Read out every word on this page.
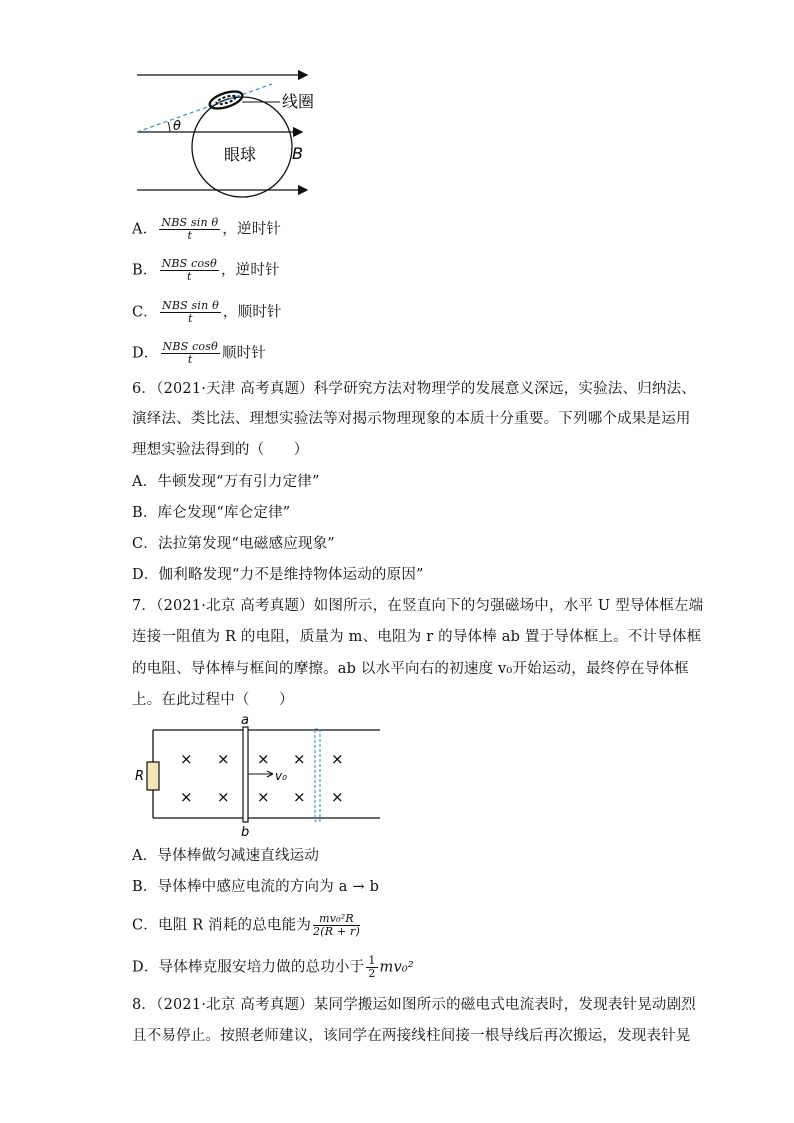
θ
线圈
眼球 B
A． $\frac{\text{NBS sin θ}}{t}$ ，逆时针
B． $\frac{\text{NBS cosθ}}{t}$ ，逆时针
C． $\frac{\text{NBS sin θ}}{t}$ ，顺时针
D． $\frac{\text{NBS cosθ}}{t}$ 顺时针
6．（2021·天津 高考真题）科学研究方法对物理学的发展意义深远，实验法、归纳法、
演绎法、类比法、理想实验法等对揭示物理现象的本质十分重要。下列哪个成果是运用
理想实验法得到的（　　）
A．牛顿发现“万有引力定律”
B．库仑发现“库仑定律”
C．法拉第发现“电磁感应现象”
D．伽利略发现“力不是维持物体运动的原因”
7．（2021·北京 高考真题）如图所示，在竖直向下的匀强磁场中，水平 U 型导体框左端
连接一阻值为 R 的电阻，质量为 m、电阻为 r 的导体棒 ab 置于导体框上。不计导体框
的电阻、导体棒与框间的摩擦。ab 以水平向右的初速度 v₀开始运动，最终停在导体框
上。在此过程中（　　）
R
a
b
v₀
× × × × ×
× × × × ×
A．导体棒做匀减速直线运动
B．导体棒中感应电流的方向为 a → b
C．电阻 R 消耗的总电能为 $\frac{\text{mv₀²R}}{2(R + r)}$
D．导体棒克服安培力做的总功小于 $\frac{1}{2} mv_0^2$
8．（2021·北京 高考真题）某同学搬运如图所示的磁电式电流表时，发现表针晃动剧烈
且不易停止。按照老师建议，该同学在两接线柱间接一根导线后再次搬运，发现表针晃
